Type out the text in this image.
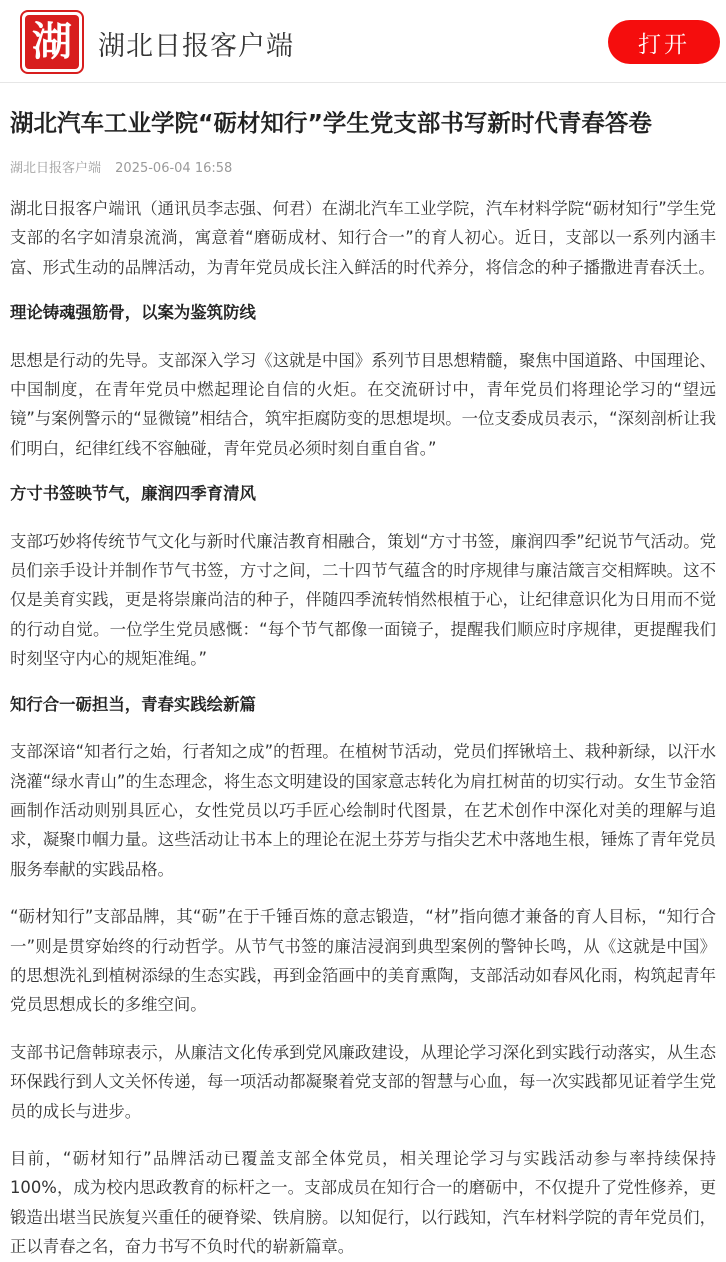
湖 湖北日报客户端	打开
湖北汽车工业学院“砺材知行”学生党支部书写新时代青春答卷
湖北日报客户端 2025-06-04 16:58
湖北日报客户端讯（通讯员李志强、何君）在湖北汽车工业学院，汽车材料学院“砺材知行”学生党支部的名字如清泉流淌，寓意着“磨砺成材、知行合一”的育人初心。近日，支部以一系列内涵丰富、形式生动的品牌活动，为青年党员成长注入鲜活的时代养分，将信念的种子播撒进青春沃土。
理论铸魂强筋骨，以案为鉴筑防线
思想是行动的先导。支部深入学习《这就是中国》系列节目思想精髓，聚焦中国道路、中国理论、中国制度，在青年党员中燃起理论自信的火炬。在交流研讨中，青年党员们将理论学习的“望远镜”与案例警示的“显微镜”相结合，筑牢拒腐防变的思想堤坝。一位支委成员表示，“深刻剖析让我们明白，纪律红线不容触碰，青年党员必须时刻自重自省。”
方寸书签映节气，廉润四季育清风
支部巧妙将传统节气文化与新时代廉洁教育相融合，策划“方寸书签，廉润四季”纪说节气活动。党员们亲手设计并制作节气书签，方寸之间，二十四节气蕴含的时序规律与廉洁箴言交相辉映。这不仅是美育实践，更是将崇廉尚洁的种子，伴随四季流转悄然根植于心，让纪律意识化为日用而不觉的行动自觉。一位学生党员感慨：“每个节气都像一面镜子，提醒我们顺应时序规律，更提醒我们时刻坚守内心的规矩准绳。”
知行合一砺担当，青春实践绘新篇
支部深谙“知者行之始，行者知之成”的哲理。在植树节活动，党员们挥锹培土、栽种新绿，以汗水浇灌“绿水青山”的生态理念，将生态文明建设的国家意志转化为肩扛树苗的切实行动。女生节金箔画制作活动则别具匠心，女性党员以巧手匠心绘制时代图景，在艺术创作中深化对美的理解与追求，凝聚巾帼力量。这些活动让书本上的理论在泥土芬芳与指尖艺术中落地生根，锤炼了青年党员服务奉献的实践品格。
“砺材知行”支部品牌，其“砺”在于千锤百炼的意志锻造，“材”指向德才兼备的育人目标，“知行合一”则是贯穿始终的行动哲学。从节气书签的廉洁浸润到典型案例的警钟长鸣，从《这就是中国》的思想洗礼到植树添绿的生态实践，再到金箔画中的美育熏陶，支部活动如春风化雨，构筑起青年党员思想成长的多维空间。
支部书记詹韩琼表示，从廉洁文化传承到党风廉政建设，从理论学习深化到实践行动落实，从生态环保践行到人文关怀传递，每一项活动都凝聚着党支部的智慧与心血，每一次实践都见证着学生党员的成长与进步。
目前，“砺材知行”品牌活动已覆盖支部全体党员，相关理论学习与实践活动参与率持续保持100%，成为校内思政教育的标杆之一。支部成员在知行合一的磨砺中，不仅提升了党性修养，更锻造出堪当民族复兴重任的硬脊梁、铁肩膀。以知促行，以行践知，汽车材料学院的青年党员们，正以青春之名，奋力书写不负时代的崭新篇章。
